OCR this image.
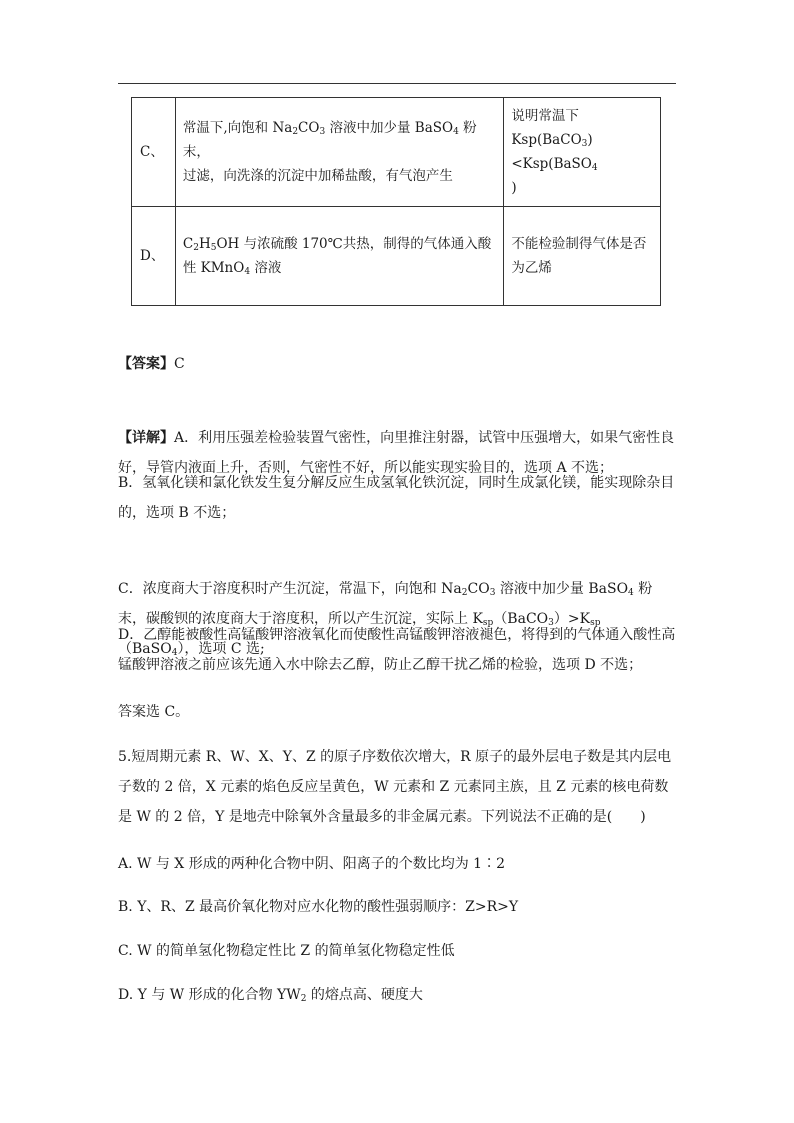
C、	常温下,向饱和 $Na_2CO_3$ 溶液中加少量 BaSO$_4$ 粉末，
过滤，向洗涤的沉淀中加稀盐酸，有气泡产生	说明常温下
Ksp(BaCO$_3$)<Ksp(BaSO$_4$
)
D、	$C_2H_5OH$ 与浓硫酸 170℃共热，制得的气体通入酸
性 KMnO$_4$ 溶液	不能检验制得气体是否
为乙烯

【答案】C

【详解】A．利用压强差检验装置气密性，向里推注射器，试管中压强增大，如果气密性良好，导管内液面上升，否则，气密性不好，所以能实现实验目的，选项 A 不选；

B．氢氧化镁和氯化铁发生复分解反应生成氢氧化铁沉淀，同时生成氯化镁，能实现除杂目的，选项 B 不选；

C．浓度商大于溶度积时产生沉淀，常温下，向饱和 $Na_2CO_3$ 溶液中加少量 BaSO$_4$ 粉末，碳酸钡的浓度商大于溶度积，所以产生沉淀，实际上 $K_{sp}(BaCO_3)>K_{sp}(BaSO_4)$，选项 C 选;

D．乙醇能被酸性高锰酸钾溶液氧化而使酸性高锰酸钾溶液褪色，将得到的气体通入酸性高锰酸钾溶液之前应该先通入水中除去乙醇，防止乙醇干扰乙烯的检验，选项 D 不选；

答案选 C。

5.短周期元素 R、W、X、Y、Z 的原子序数依次增大，R 原子的最外层电子数是其内层电子数的 2 倍，X 元素的焰色反应呈黄色，W 元素和 Z 元素同主族，且 Z 元素的核电荷数是 W 的 2 倍，Y 是地壳中除氧外含量最多的非金属元素。下列说法不正确的是(　　)

A. W 与 X 形成的两种化合物中阴、阳离子的个数比均为 1∶2

B. Y、R、Z 最高价氧化物对应水化物的酸性强弱顺序：Z>R>Y

C. W 的简单氢化物稳定性比 Z 的简单氢化物稳定性低

D. Y 与 W 形成的化合物 $YW_2$ 的熔点高、硬度大
